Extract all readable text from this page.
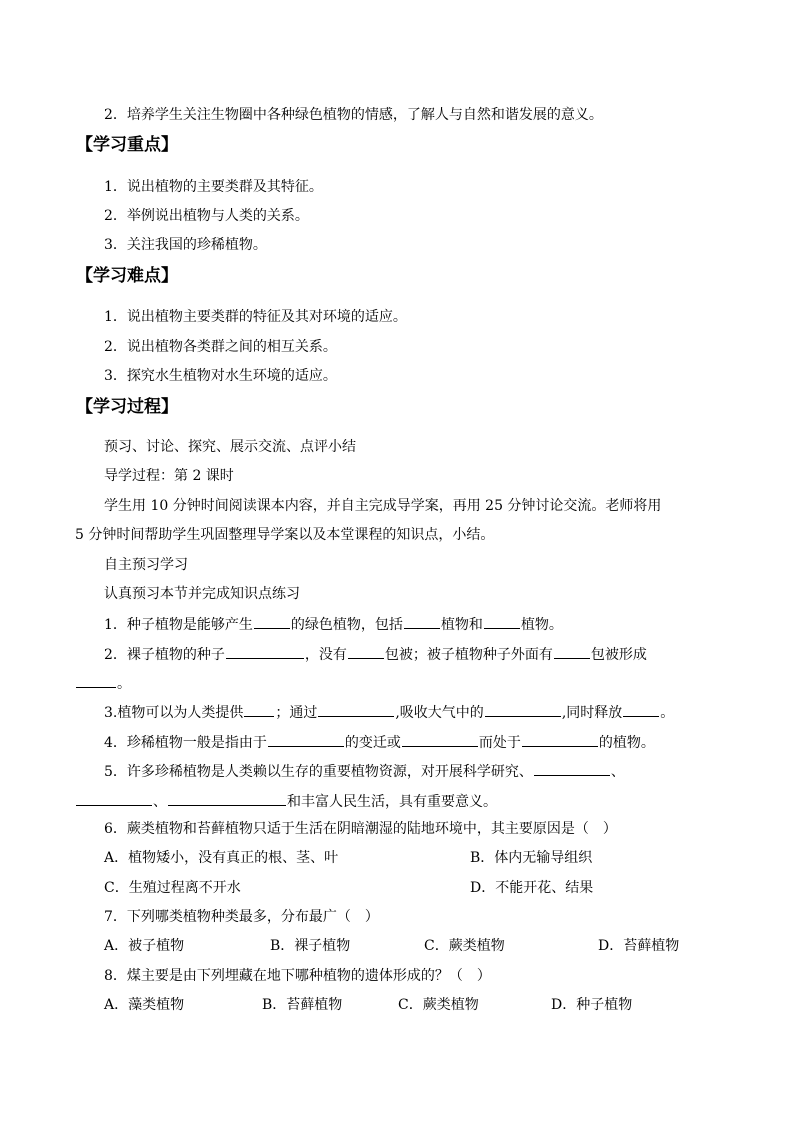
2．培养学生关注生物圈中各种绿色植物的情感，了解人与自然和谐发展的意义。
【学习重点】
1．说出植物的主要类群及其特征。
2．举例说出植物与人类的关系。
3．关注我国的珍稀植物。
【学习难点】
1．说出植物主要类群的特征及其对环境的适应。
2．说出植物各类群之间的相互关系。
3．探究水生植物对水生环境的适应。
【学习过程】
预习、讨论、探究、展示交流、点评小结
导学过程：第 2 课时
学生用 10 分钟时间阅读课本内容，并自主完成导学案，再用 25 分钟讨论交流。老师将用
5 分钟时间帮助学生巩固整理导学案以及本堂课程的知识点，小结。
自主预习学习
认真预习本节并完成知识点练习
1．种子植物是能够产生	的绿色植物，包括	植物和	植物。
2．裸子植物的种子	，没有	包被；被子植物种子外面有	包被形成
。
3.植物可以为人类提供 ；通过	,吸收大气中的	,同时释放	。
4．珍稀植物一般是指由于	的变迁或	而处于	的植物。
5．许多珍稀植物是人类赖以生存的重要植物资源，对开展科学研究、	、
、	和丰富人民生活，具有重要意义。
6．蕨类植物和苔藓植物只适于生活在阴暗潮湿的陆地环境中，其主要原因是（　）
A．植物矮小，没有真正的根、茎、叶	B．体内无输导组织
C．生殖过程离不开水	D．不能开花、结果
7．下列哪类植物种类最多，分布最广（　）
A．被子植物	B．裸子植物	C．蕨类植物	D．苔藓植物
8．煤主要是由下列埋藏在地下哪种植物的遗体形成的？（　）
A．藻类植物	B．苔藓植物	C．蕨类植物	D．种子植物
